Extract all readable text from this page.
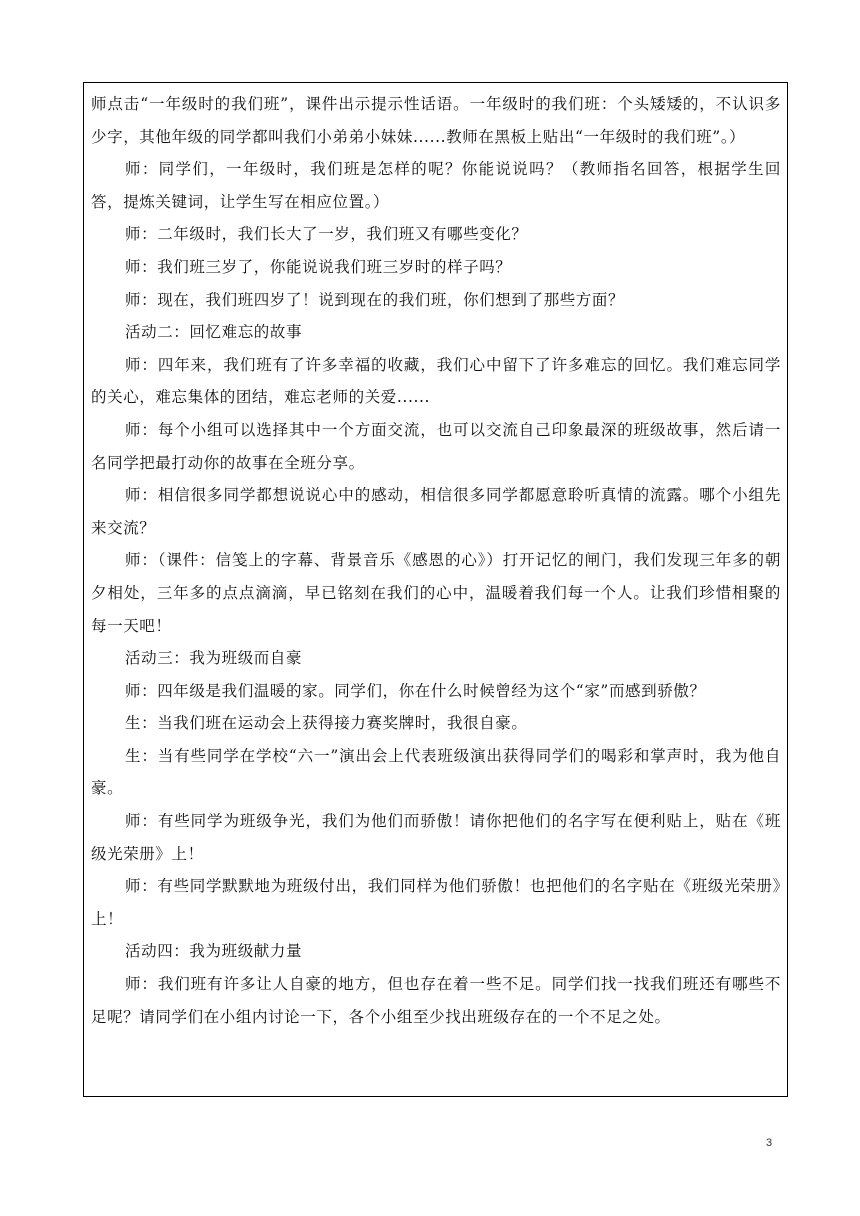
师点击“一年级时的我们班”，课件出示提示性话语。一年级时的我们班：个头矮矮的，不认识多少字，其他年级的同学都叫我们小弟弟小妹妹......教师在黑板上贴出“一年级时的我们班”。）

师：同学们，一年级时，我们班是怎样的呢？你能说说吗？（教师指名回答，根据学生回答，提炼关键词，让学生写在相应位置。）

师：二年级时，我们长大了一岁，我们班又有哪些变化？

师：我们班三岁了，你能说说我们班三岁时的样子吗？

师：现在，我们班四岁了！说到现在的我们班，你们想到了那些方面？

活动二：回忆难忘的故事

师：四年来，我们班有了许多幸福的收藏，我们心中留下了许多难忘的回忆。我们难忘同学的关心，难忘集体的团结，难忘老师的关爱......

师：每个小组可以选择其中一个方面交流，也可以交流自己印象最深的班级故事，然后请一名同学把最打动你的故事在全班分享。

师：相信很多同学都想说说心中的感动，相信很多同学都愿意聆听真情的流露。哪个小组先来交流？

师：（课件：信笺上的字幕、背景音乐《感恩的心》）打开记忆的闸门，我们发现三年多的朝夕相处，三年多的点点滴滴，早已铭刻在我们的心中，温暖着我们每一个人。让我们珍惜相聚的每一天吧！

活动三：我为班级而自豪

师：四年级是我们温暖的家。同学们，你在什么时候曾经为这个“家”而感到骄傲？

生：当我们班在运动会上获得接力赛奖牌时，我很自豪。

生：当有些同学在学校“六一”演出会上代表班级演出获得同学们的喝彩和掌声时，我为他自豪。

师：有些同学为班级争光，我们为他们而骄傲！请你把他们的名字写在便利贴上，贴在《班级光荣册》上！

师：有些同学默默地为班级付出，我们同样为他们骄傲！也把他们的名字贴在《班级光荣册》上！

活动四：我为班级献力量

师：我们班有许多让人自豪的地方，但也存在着一些不足。同学们找一找我们班还有哪些不足呢？请同学们在小组内讨论一下，各个小组至少找出班级存在的一个不足之处。

3
